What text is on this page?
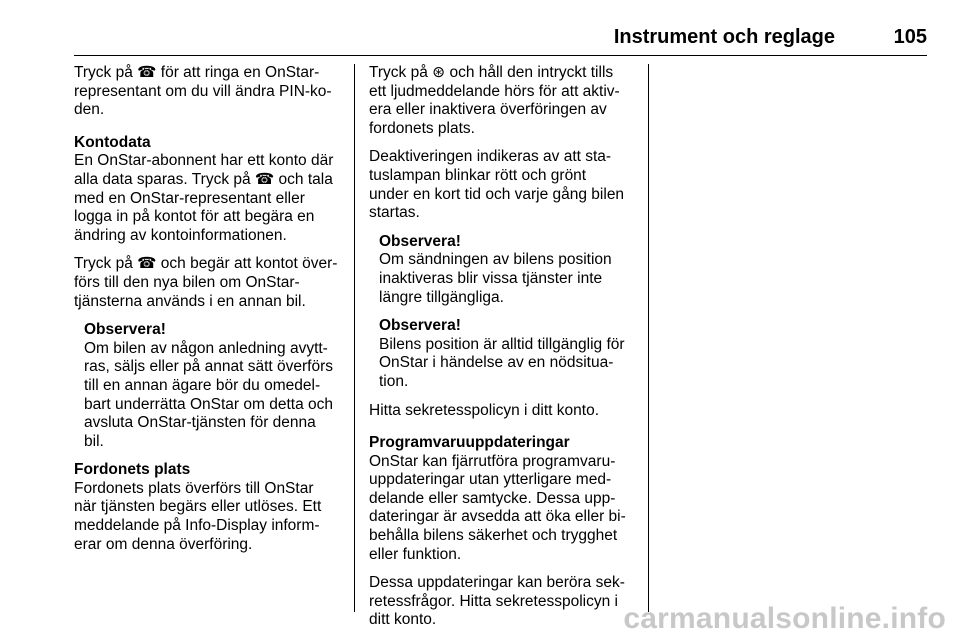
Instrument och reglage	105
Tryck på ☎ för att ringa en OnStar-
representant om du vill ändra PIN-ko-
den.
Kontodata
En OnStar-abonnent har ett konto där
alla data sparas. Tryck på ☎ och tala
med en OnStar-representant eller
logga in på kontot för att begära en
ändring av kontoinformationen.
Tryck på ☎ och begär att kontot över-
förs till den nya bilen om OnStar-
tjänsterna används i en annan bil.
Observera!
Om bilen av någon anledning avytt-
ras, säljs eller på annat sätt överförs
till en annan ägare bör du omedel-
bart underrätta OnStar om detta och
avsluta OnStar-tjänsten för denna
bil.
Fordonets plats
Fordonets plats överförs till OnStar
när tjänsten begärs eller utlöses. Ett
meddelande på Info-Display inform-
erar om denna överföring.
Tryck på ⊛ och håll den intryckt tills
ett ljudmeddelande hörs för att aktiv-
era eller inaktivera överföringen av
fordonets plats.
Deaktiveringen indikeras av att sta-
tuslampan blinkar rött och grönt
under en kort tid och varje gång bilen
startas.
Observera!
Om sändningen av bilens position
inaktiveras blir vissa tjänster inte
längre tillgängliga.
Observera!
Bilens position är alltid tillgänglig för
OnStar i händelse av en nödsitua-
tion.
Hitta sekretesspolicyn i ditt konto.
Programvaruuppdateringar
OnStar kan fjärrutföra programvaru-
uppdateringar utan ytterligare med-
delande eller samtycke. Dessa upp-
dateringar är avsedda att öka eller bi-
behålla bilens säkerhet och trygghet
eller funktion.
Dessa uppdateringar kan beröra sek-
retessfrågor. Hitta sekretesspolicyn i
ditt konto.	carmanualsonline.info
